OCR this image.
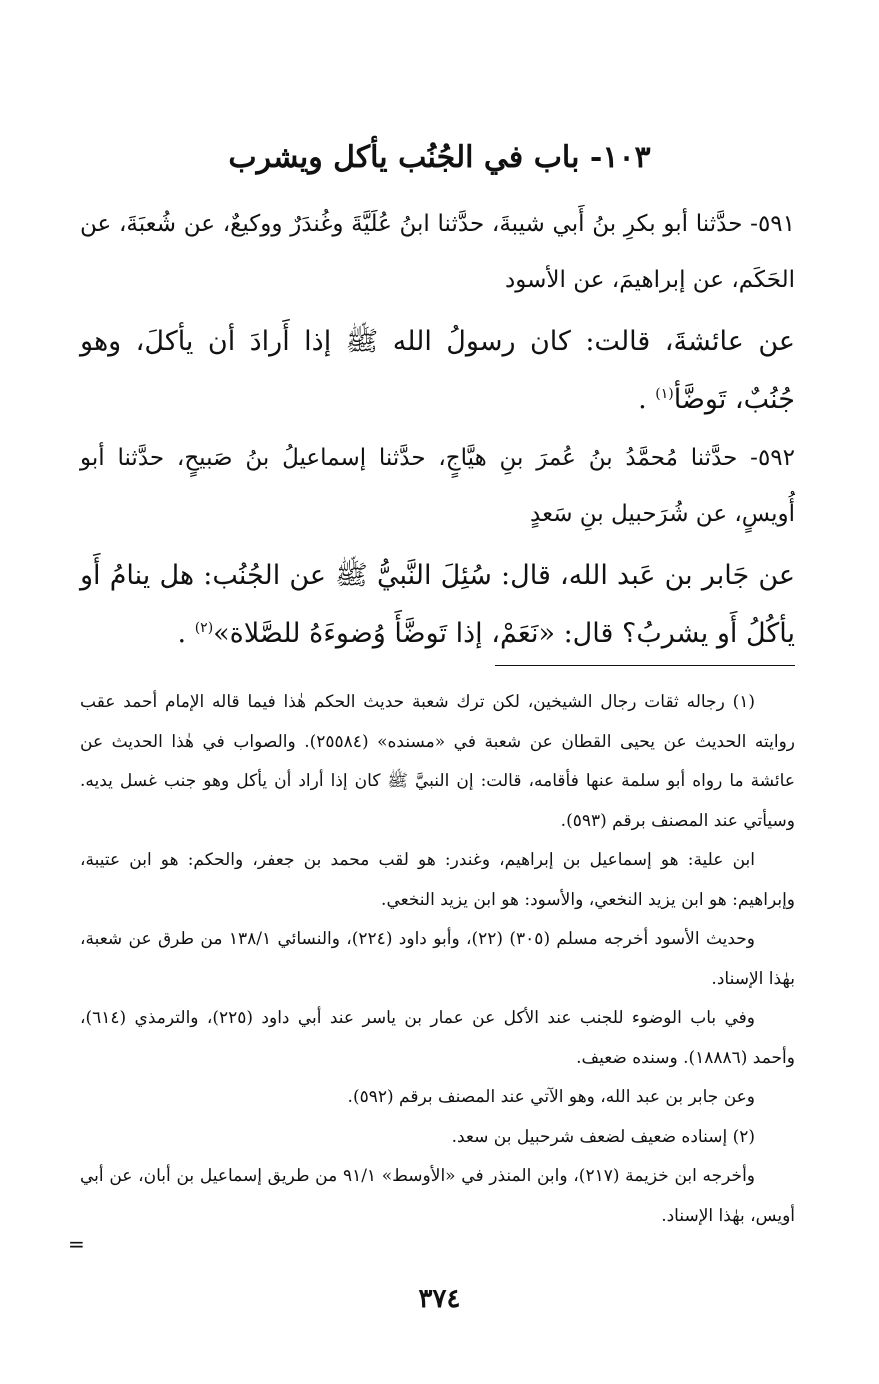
١٠٣- باب في الجُنُب يأكل ويشرب

٥٩١- حدَّثنا أبو بكرِ بنُ أَبي شيبةَ، حدَّثنا ابنُ عُلَيَّةَ وغُندَرٌ ووكيعٌ، عن شُعبَةَ، عن الحَكَم، عن إبراهيمَ، عن الأسود

عن عائشةَ، قالت: كان رسولُ الله ﷺ إذا أَرادَ أن يأكلَ، وهو جُنُبٌ، تَوضَّأ$^{(١)}$ .

٥٩٢- حدَّثنا مُحمَّدُ بنُ عُمرَ بنِ هيَّاجٍ، حدَّثنا إسماعيلُ بنُ صَبيحٍ، حدَّثنا أبو أُويسٍ، عن شُرَحبيل بنِ سَعدٍ

عن جَابر بن عَبد الله، قال: سُئِلَ النَّبيُّ ﷺ عن الجُنُب: هل ينامُ أَو يأكُلُ أَو يشربُ؟ قال: «نَعَمْ، إذا تَوضَّأَ وُضوءَهُ للصَّلاة»$^{(٢)}$ .

(١) رجاله ثقات رجال الشيخين، لكن ترك شعبة حديث الحكم هٰذا فيما قاله الإمام أحمد عقب روايته الحديث عن يحيى القطان عن شعبة في «مسنده» (٢٥٥٨٤). والصواب في هٰذا الحديث عن عائشة ما رواه أبو سلمة عنها فأقامه، قالت: إن النبيَّ ﷺ كان إذا أراد أن يأكل وهو جنب غسل يديه. وسيأتي عند المصنف برقم (٥٩٣).

ابن علية: هو إسماعيل بن إبراهيم، وغندر: هو لقب محمد بن جعفر، والحكم: هو ابن عتيبة، وإبراهيم: هو ابن يزيد النخعي، والأسود: هو ابن يزيد النخعي.

وحديث الأسود أخرجه مسلم (٣٠٥) (٢٢)، وأبو داود (٢٢٤)، والنسائي ١٣٨/١ من طرق عن شعبة، بهٰذا الإسناد.

وفي باب الوضوء للجنب عند الأكل عن عمار بن ياسر عند أبي داود (٢٢٥)، والترمذي (٦١٤)، وأحمد (١٨٨٨٦). وسنده ضعيف.

وعن جابر بن عبد الله، وهو الآتي عند المصنف برقم (٥٩٢).

(٢) إسناده ضعيف لضعف شرحبيل بن سعد.

وأخرجه ابن خزيمة (٢١٧)، وابن المنذر في «الأوسط» ٩١/١ من طريق إسماعيل بن أبان، عن أبي أويس، بهٰذا الإسناد.

=
٣٧٤
